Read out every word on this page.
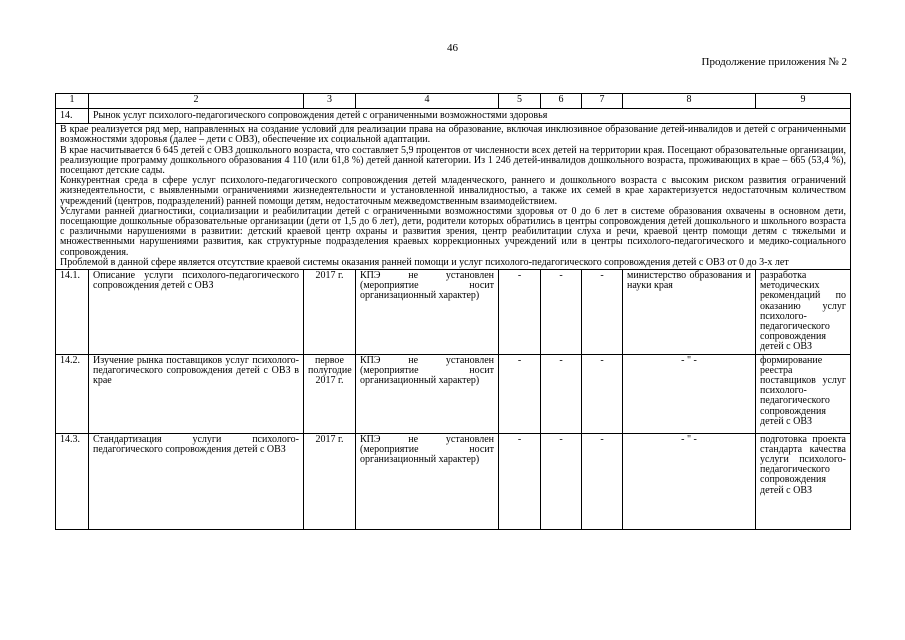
46
Продолжение приложения № 2
1	2	3	4	5	6	7	8	9
14.	Рынок услуг психолого-педагогического сопровождения детей с ограниченными возможностями здоровья							

В крае реализуется ряд мер, направленных на создание условий для реализации права на образование, включая инклюзивное образование детей-инвалидов и детей с ограниченными возможностями здоровья (далее – дети с ОВЗ), обеспечение их социальной адаптации.

В крае насчитывается 6 645 детей с ОВЗ дошкольного возраста, что составляет 5,9 процентов от численности всех детей на территории края. Посещают образовательные организации, реализующие программу дошкольного образования 4 110 (или 61,8 %) детей данной категории. Из 1 246 детей-инвалидов дошкольного возраста, проживающих в крае – 665 (53,4 %), посещают детские сады.

Конкурентная среда в сфере услуг психолого-педагогического сопровождения детей младенческого, раннего и дошкольного возраста с высоким риском развития ограничений жизнедеятельности, с выявленными ограничениями жизнедеятельности и установленной инвалидностью, а также их семей в крае характеризуется недостаточным количеством учреждений (центров, подразделений) ранней помощи детям, недостаточным межведомственным взаимодействием.

Услугами ранней диагностики, социализации и реабилитации детей с ограниченными возможностями здоровья от 0 до 6 лет в системе образования охвачены в основном дети, посещающие дошкольные образовательные организации (дети от 1,5 до 6 лет), дети, родители которых обратились в центры сопровождения детей дошкольного и школьного возраста с различными нарушениями в развитии: детский краевой центр охраны и развития зрения, центр реабилитации слуха и речи, краевой центр помощи детям с тяжелыми и множественными нарушениями развития, как структурные подразделения краевых коррекционных учреждений или в центры психолого-педагогического и медико-социального сопровождения.

Проблемой в данной сфере является отсутствие краевой системы оказания ранней помощи и услуг психолого-педагогического сопровождения детей с ОВЗ от 0 до 3-х лет								

14.1.	Описание услуги психолого-педагогического сопровождения детей с ОВЗ	2017 г.	КПЭ не установлен (мероприятие носит организационный характер)	-	-	-	министерство образования и науки края	разработка методических рекомендаций по оказанию услуг психолого-педагогического сопровождения детей с ОВЗ
14.2.	Изучение рынка поставщиков услуг психолого-педагогического сопровождения детей с ОВЗ в крае	первое полугодие 2017 г.	КПЭ не установлен (мероприятие носит организационный характер)	-	-	-	- " -	формирование реестра поставщиков услуг психолого-педагогического сопровождения детей с ОВЗ
14.3.	Стандартизация услуги психолого-педагогического сопровождения детей с ОВЗ	2017 г.	КПЭ не установлен (мероприятие носит организационный характер)	-	-	-	- " -	подготовка проекта стандарта качества услуги психолого-педагогического сопровождения детей с ОВЗ
